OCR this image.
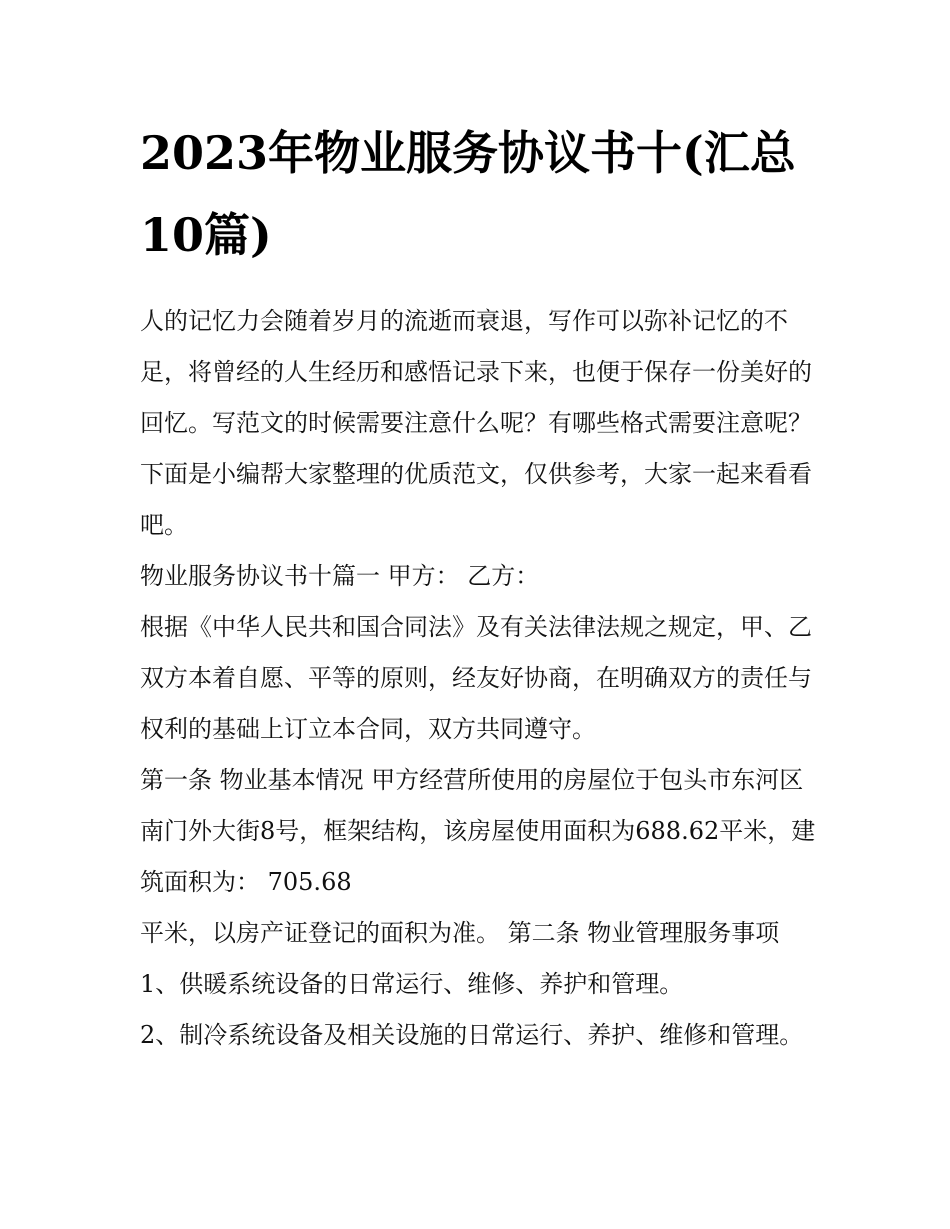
2023年物业服务协议书十(汇总10篇)

人的记忆力会随着岁月的流逝而衰退，写作可以弥补记忆的不足，将曾经的人生经历和感悟记录下来，也便于保存一份美好的回忆。写范文的时候需要注意什么呢？有哪些格式需要注意呢？下面是小编帮大家整理的优质范文，仅供参考，大家一起来看看吧。

物业服务协议书十篇一 甲方： 乙方：

根据《中华人民共和国合同法》及有关法律法规之规定，甲、乙双方本着自愿、平等的原则，经友好协商，在明确双方的责任与权利的基础上订立本合同，双方共同遵守。

第一条 物业基本情况 甲方经营所使用的房屋位于包头市东河区南门外大街8号，框架结构，该房屋使用面积为688.62平米，建筑面积为： 705.68

平米，以房产证登记的面积为准。 第二条 物业管理服务事项

1、供暖系统设备的日常运行、维修、养护和管理。

2、制冷系统设备及相关设施的日常运行、养护、维修和管理。
